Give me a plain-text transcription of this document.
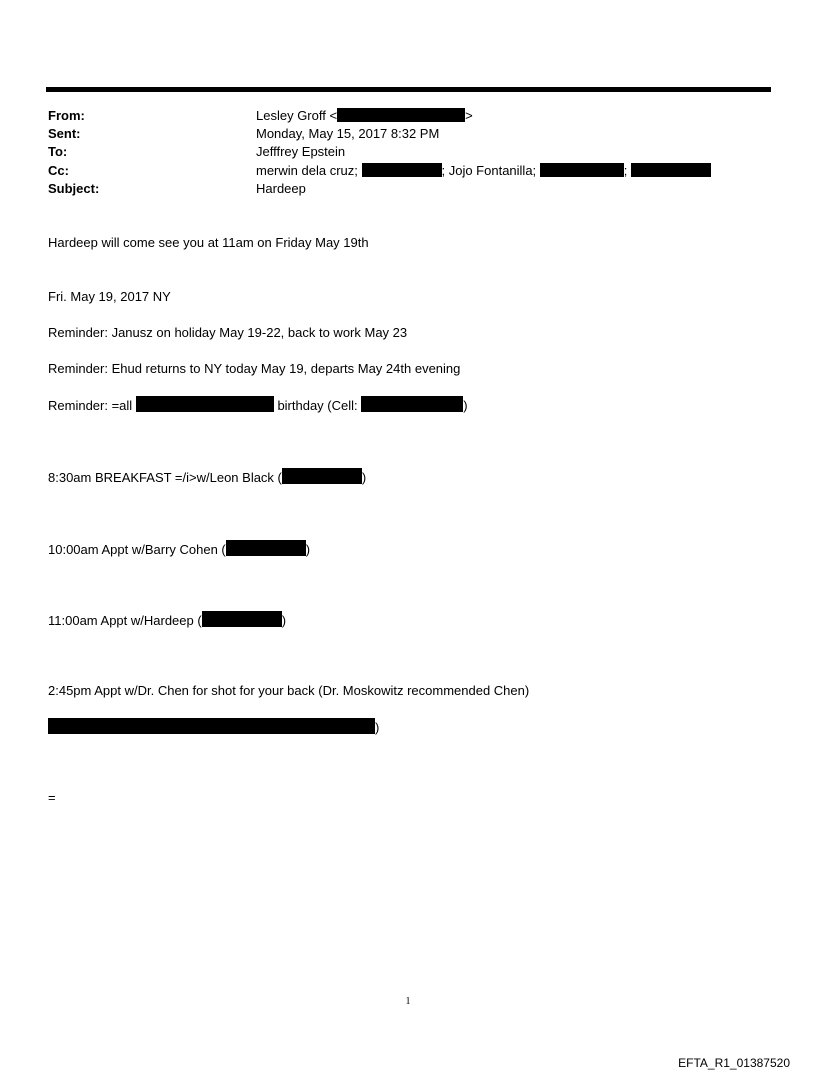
From:	Lesley Groff <	>
Sent:	Monday, May 15, 2017 8:32 PM
To:	Jefffrey Epstein
Cc:	merwin dela cruz;	; Jojo Fontanilla;	;
Subject:	Hardeep
Hardeep will come see you at 11am on Friday May 19th
Fri. May 19, 2017 NY
Reminder: Janusz on holiday May 19-22, back to work May 23
Reminder: Ehud returns to NY today May 19, departs May 24th evening
Reminder: =all	birthday (Cell:	)
8:30am BREAKFAST =/i>w/Leon Black (	)
10:00am Appt w/Barry Cohen (	)
11:00am Appt w/Hardeep (	)
2:45pm Appt w/Dr. Chen for shot for your back (Dr. Moskowitz recommended Chen)
)
=
1
EFTA_R1_01387520
